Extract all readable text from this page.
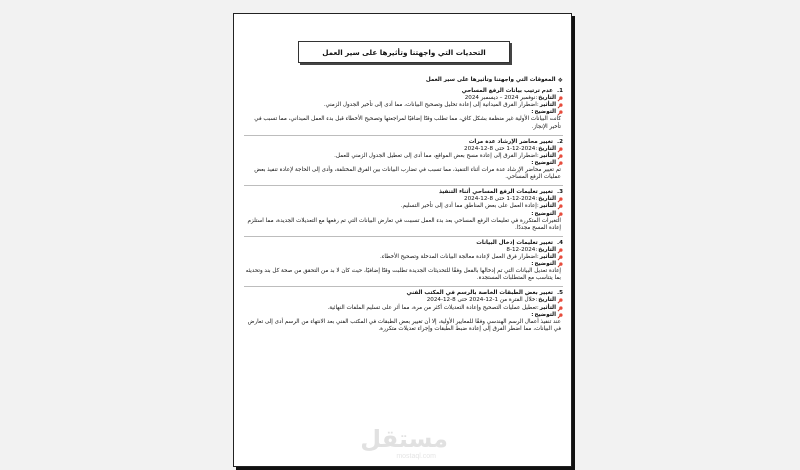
التحديات التي واجهتنا وتأثيرها على سير العمل
❖
المعوقات التي واجهتنا وتأثيرها على سير العمل
1.
عدم ترتيب بيانات الرفع المساحي
التاريخ
:نوفمبر 2024 – ديسمبر 2024
التأثير
:اضطرار الفرق الميدانية إلى إعادة تحليل وتصحيح البيانات، مما أدى إلى تأخير الجدول الزمني.
التوضيح
:
كانت البيانات الأولية غير منظمة بشكل كافٍ، مما تطلب وقتًا إضافيًا لمراجعتها وتصحيح الأخطاء قبل بدء العمل الميداني، مما تسبب في تأخير الإنجاز.
2.
تغيير محاضر الإرشاد عدة مرات
التاريخ
:1-12-2024 حتى 8-12-2024
التأثير
:اضطرار الفرق إلى إعادة مسح بعض المواقع، مما أدى إلى تعطيل الجدول الزمني للعمل.
التوضيح
:
تم تغيير محاضر الإرشاد عدة مرات أثناء التنفيذ، مما تسبب في تضارب البيانات بين الفرق المختلفة، وأدى إلى الحاجة لإعادة تنفيذ بعض عمليات الرفع المساحي.
3.
تغيير تعليمات الرفع المساحي أثناء التنفيذ
التاريخ
:1-12-2024 حتى 8-12-2024
التأثير
:إعادة العمل على بعض المناطق مما أدى إلى تأخير التسليم.
التوضيح
:
التغيرات المتكررة في تعليمات الرفع المساحي بعد بدء العمل تسببت في تعارض البيانات التي تم رفعها مع التعديلات الجديدة، مما استلزم إعادة المسح مجددًا.
4.
تغيير تعليمات إدخال البيانات
التاريخ
:8-12-2024
التأثير
:اضطرار فرق العمل لإعادة معالجة البيانات المدخلة وتصحيح الأخطاء.
التوضيح
:
إعادة تعديل البيانات التي تم إدخالها بالفعل وفقًا للتحديثات الجديدة تطلبت وقتًا إضافيًا، حيث كان لا بد من التحقق من صحة كل بند وتحديثه بما يتناسب مع المتطلبات المستجدة.
5.
تغيير بعض الطبقات الخاصة بالرسم في المكتب الفني
التاريخ
:خلال الفترة من 1-12-2024 حتى 8-12-2024
التأثير
:تعطيل عمليات التصحيح وإعادة التعديلات أكثر من مرة، مما أثر على تسليم الملفات النهائية.
التوضيح
:
عند تنفيذ أعمال الرسم الهندسي وفقًا للمعايير الأولية، إلا أن تغيير بعض الطبقات في المكتب الفني بعد الانتهاء من الرسم أدى إلى تعارض في البيانات، مما اضطر الفرق إلى إعادة ضبط الطبقات وإجراء تعديلات متكررة.
مستقل
mostaql.com
